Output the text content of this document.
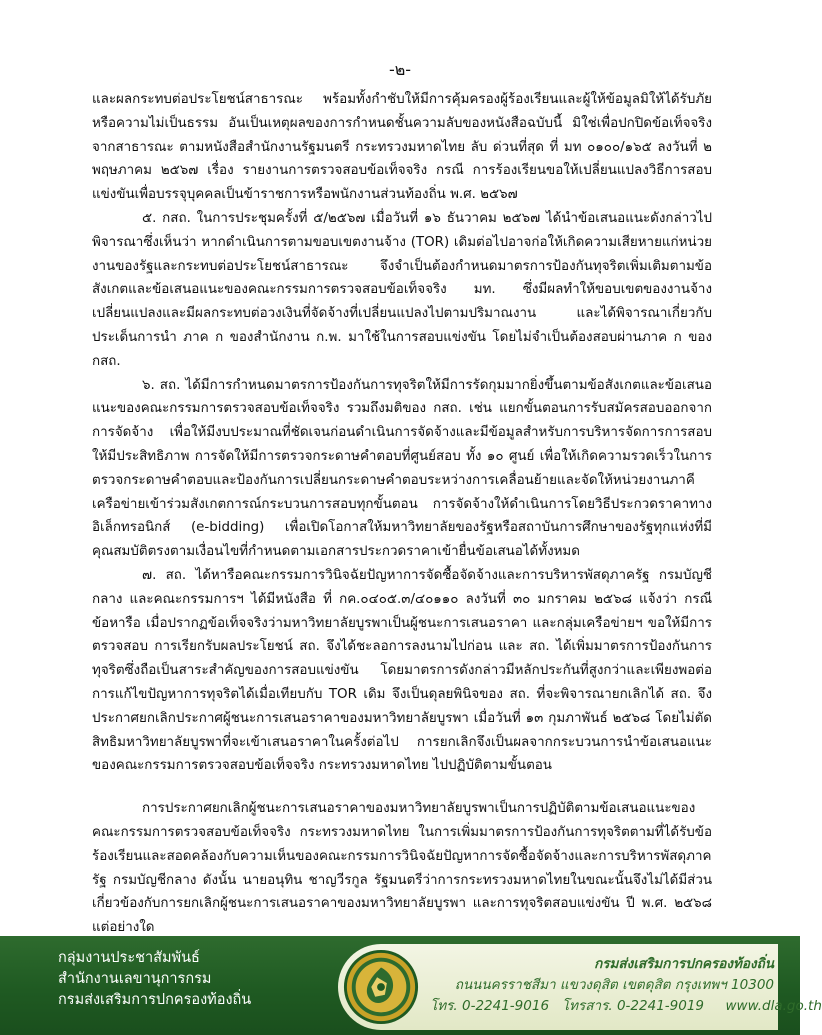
-๒-

และผลกระทบต่อประโยชน์สาธารณะ พร้อมทั้งกำชับให้มีการคุ้มครองผู้ร้องเรียนและผู้ให้ข้อมูลมิให้ได้รับภัยหรือความไม่เป็นธรรม อันเป็นเหตุผลของการกำหนดชั้นความลับของหนังสือฉบับนี้ มิใช่เพื่อปกปิดข้อเท็จจริงจากสาธารณะ ตามหนังสือสำนักงานรัฐมนตรี กระทรวงมหาดไทย ลับ ด่วนที่สุด ที่ มท ๐๑๐๐/๑๖๕ ลงวันที่ ๒ พฤษภาคม ๒๕๖๗ เรื่อง รายงานการตรวจสอบข้อเท็จจริง กรณี การร้องเรียนขอให้เปลี่ยนแปลงวิธีการสอบแข่งขันเพื่อบรรจุบุคคลเป็นข้าราชการหรือพนักงานส่วนท้องถิ่น พ.ศ. ๒๕๖๗

๕. กสถ. ในการประชุมครั้งที่ ๕/๒๕๖๗ เมื่อวันที่ ๑๖ ธันวาคม ๒๕๖๗ ได้นำข้อเสนอแนะดังกล่าวไปพิจารณาซึ่งเห็นว่า หากดำเนินการตามขอบเขตงานจ้าง (TOR) เดิมต่อไปอาจก่อให้เกิดความเสียหายแก่หน่วยงานของรัฐและกระทบต่อประโยชน์สาธารณะ จึงจำเป็นต้องกำหนดมาตรการป้องกันทุจริตเพิ่มเติมตามข้อสังเกตและข้อเสนอแนะของคณะกรรมการตรวจสอบข้อเท็จจริง มท. ซึ่งมีผลทำให้ขอบเขตของงานจ้างเปลี่ยนแปลงและมีผลกระทบต่อวงเงินที่จัดจ้างที่เปลี่ยนแปลงไปตามปริมาณงาน และได้พิจารณาเกี่ยวกับประเด็นการนำ ภาค ก ของสำนักงาน ก.พ. มาใช้ในการสอบแข่งขัน โดยไม่จำเป็นต้องสอบผ่านภาค ก ของ กสถ.

๖. สถ. ได้มีการกำหนดมาตรการป้องกันการทุจริตให้มีการรัดกุมมากยิ่งขึ้นตามข้อสังเกตและข้อเสนอแนะของคณะกรรมการตรวจสอบข้อเท็จจริง รวมถึงมติของ กสถ. เช่น แยกขั้นตอนการรับสมัครสอบออกจากการจัดจ้าง เพื่อให้มีงบประมาณที่ชัดเจนก่อนดำเนินการจัดจ้างและมีข้อมูลสำหรับการบริหารจัดการการสอบให้มีประสิทธิภาพ การจัดให้มีการตรวจกระดาษคำตอบที่ศูนย์สอบ ทั้ง ๑๐ ศูนย์ เพื่อให้เกิดความรวดเร็วในการตรวจกระดาษคำตอบและป้องกันการเปลี่ยนกระดาษคำตอบระหว่างการเคลื่อนย้ายและจัดให้หน่วยงานภาคีเครือข่ายเข้าร่วมสังเกตการณ์กระบวนการสอบทุกขั้นตอน การจัดจ้างให้ดำเนินการโดยวิธีประกวดราคาทางอิเล็กทรอนิกส์ (e-bidding) เพื่อเปิดโอกาสให้มหาวิทยาลัยของรัฐหรือสถาบันการศึกษาของรัฐทุกแห่งที่มีคุณสมบัติตรงตามเงื่อนไขที่กำหนดตามเอกสารประกวดราคาเข้ายื่นข้อเสนอได้ทั้งหมด

๗. สถ. ได้หารือคณะกรรมการวินิจฉัยปัญหาการจัดซื้อจัดจ้างและการบริหารพัสดุภาครัฐ กรมบัญชีกลาง และคณะกรรมการฯ ได้มีหนังสือ ที่ กค.๐๔๐๕.๓/๔๐๑๑๐ ลงวันที่ ๓๐ มกราคม ๒๕๖๘ แจ้งว่า กรณีข้อหารือ เมื่อปรากฏข้อเท็จจริงว่ามหาวิทยาลัยบูรพาเป็นผู้ชนะการเสนอราคา และกลุ่มเครือข่ายฯ ขอให้มีการตรวจสอบ การเรียกรับผลประโยชน์ สถ. จึงได้ชะลอการลงนามไปก่อน และ สถ. ได้เพิ่มมาตรการป้องกันการทุจริตซึ่งถือเป็นสาระสำคัญของการสอบแข่งขัน โดยมาตรการดังกล่าวมีหลักประกันที่สูงกว่าและเพียงพอต่อการแก้ไขปัญหาการทุจริตได้เมื่อเทียบกับ TOR เดิม จึงเป็นดุลยพินิจของ สถ. ที่จะพิจารณายกเลิกได้ สถ. จึงประกาศยกเลิกประกาศผู้ชนะการเสนอราคาของมหาวิทยาลัยบูรพา เมื่อวันที่ ๑๓ กุมภาพันธ์ ๒๕๖๘ โดยไม่ตัดสิทธิมหาวิทยาลัยบูรพาที่จะเข้าเสนอราคาในครั้งต่อไป การยกเลิกจึงเป็นผลจากกระบวนการนำข้อเสนอแนะของคณะกรรมการตรวจสอบข้อเท็จจริง กระทรวงมหาดไทย ไปปฏิบัติตามขั้นตอน

การประกาศยกเลิกผู้ชนะการเสนอราคาของมหาวิทยาลัยบูรพาเป็นการปฏิบัติตามข้อเสนอแนะของคณะกรรมการตรวจสอบข้อเท็จจริง กระทรวงมหาดไทย ในการเพิ่มมาตรการป้องกันการทุจริตตามที่ได้รับข้อร้องเรียนและสอดคล้องกับความเห็นของคณะกรรมการวินิจฉัยปัญหาการจัดซื้อจัดจ้างและการบริหารพัสดุภาครัฐ กรมบัญชีกลาง ดังนั้น นายอนุทิน ชาญวีรกูล รัฐมนตรีว่าการกระทรวงมหาดไทยในขณะนั้นจึงไม่ได้มีส่วนเกี่ยวข้องกับการยกเลิกผู้ชนะการเสนอราคาของมหาวิทยาลัยบูรพา และการทุจริตสอบแข่งขัน ปี พ.ศ. ๒๕๖๘ แต่อย่างใด

กลุ่มงานประชาสัมพันธ์
สำนักงานเลขานุการกรม
กรมส่งเสริมการปกครองท้องถิ่น
กรมส่งเสริมการปกครองท้องถิ่น
ถนนนครราชสีมา แขวงดุสิต เขตดุสิต กรุงเทพฯ 10300
โทร. 0-2241-9016 โทรสาร. 0-2241-9019 www.dla.go.th
